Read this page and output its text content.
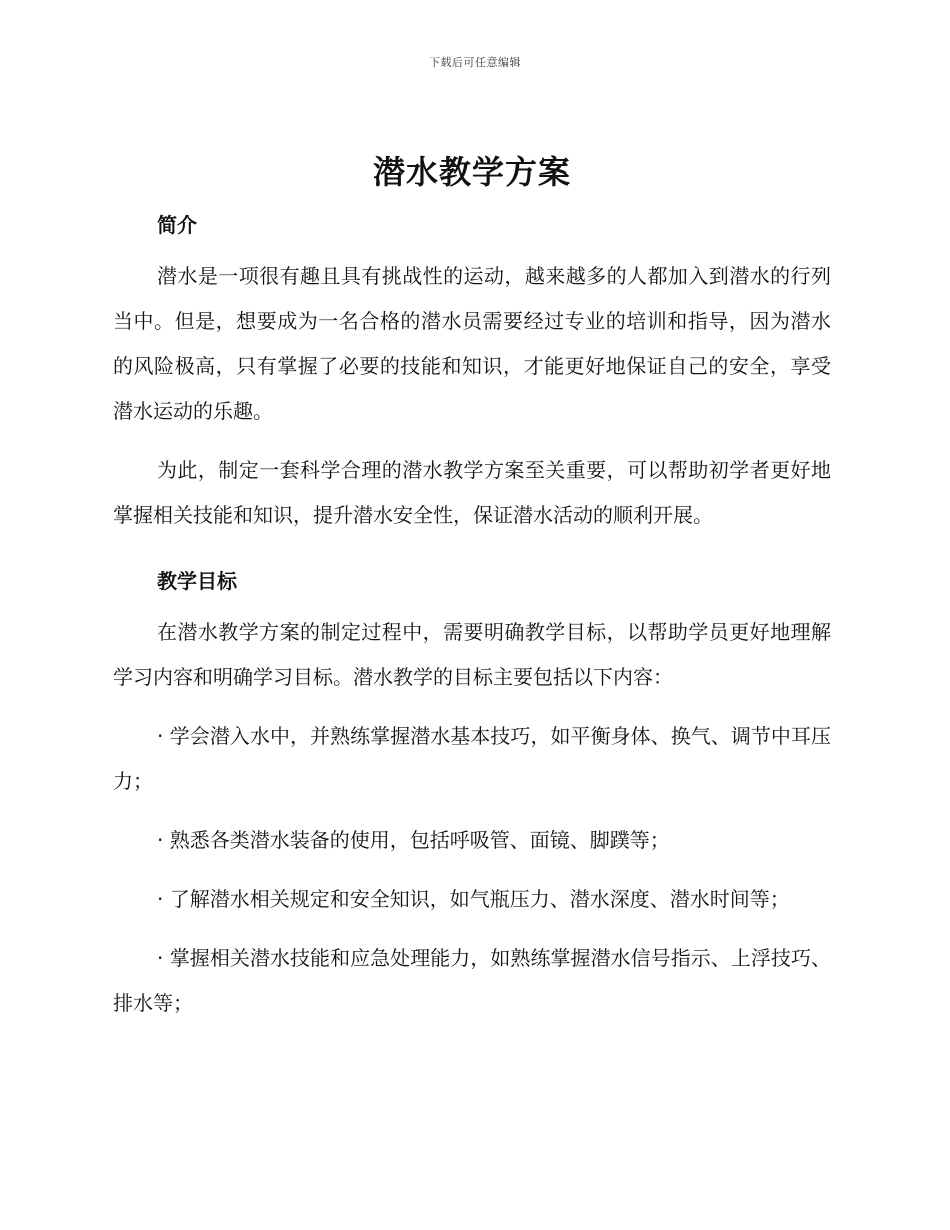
下载后可任意编辑
潜水教学方案
简介

潜水是一项很有趣且具有挑战性的运动，越来越多的人都加入到潜水的行列当中。但是，想要成为一名合格的潜水员需要经过专业的培训和指导，因为潜水的风险极高，只有掌握了必要的技能和知识，才能更好地保证自己的安全，享受潜水运动的乐趣。

为此，制定一套科学合理的潜水教学方案至关重要，可以帮助初学者更好地掌握相关技能和知识，提升潜水安全性，保证潜水活动的顺利开展。

教学目标

在潜水教学方案的制定过程中，需要明确教学目标，以帮助学员更好地理解学习内容和明确学习目标。潜水教学的目标主要包括以下内容：

· 学会潜入水中，并熟练掌握潜水基本技巧，如平衡身体、换气、调节中耳压力；

· 熟悉各类潜水装备的使用，包括呼吸管、面镜、脚蹼等；

· 了解潜水相关规定和安全知识，如气瓶压力、潜水深度、潜水时间等；

· 掌握相关潜水技能和应急处理能力，如熟练掌握潜水信号指示、上浮技巧、排水等；
